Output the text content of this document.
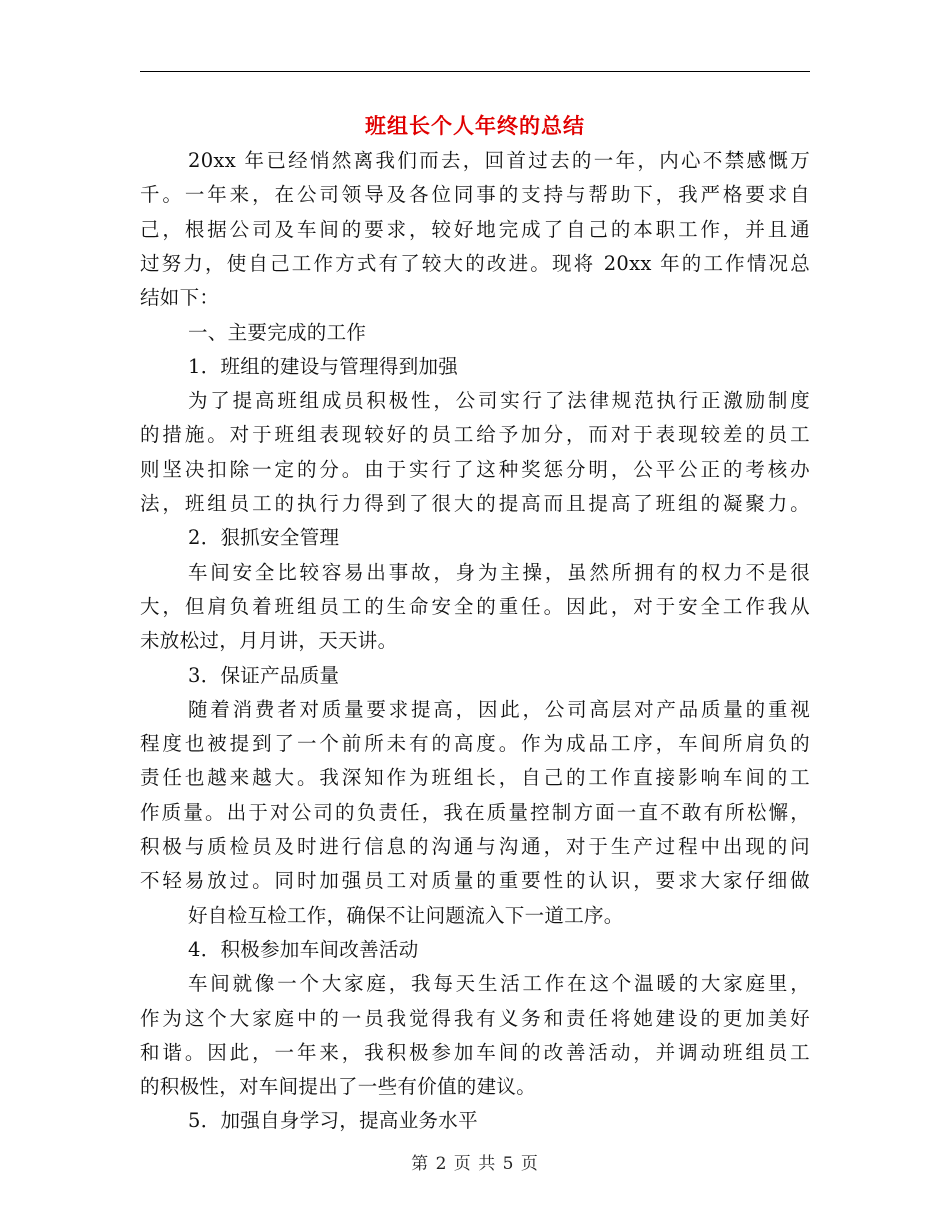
班组长个人年终的总结
20xx 年已经悄然离我们而去，回首过去的一年，内心不禁感慨万
千。一年来，在公司领导及各位同事的支持与帮助下，我严格要求自
己，根据公司及车间的要求，较好地完成了自己的本职工作，并且通
过努力，使自己工作方式有了较大的改进。现将 20xx 年的工作情况总
结如下：
一、主要完成的工作
1．班组的建设与管理得到加强
为了提高班组成员积极性，公司实行了法律规范执行正激励制度
的措施。对于班组表现较好的员工给予加分，而对于表现较差的员工
则坚决扣除一定的分。由于实行了这种奖惩分明，公平公正的考核办
法，班组员工的执行力得到了很大的提高而且提高了班组的凝聚力。
2．狠抓安全管理
车间安全比较容易出事故，身为主操，虽然所拥有的权力不是很
大，但肩负着班组员工的生命安全的重任。因此，对于安全工作我从
未放松过，月月讲，天天讲。
3．保证产品质量
随着消费者对质量要求提高，因此，公司高层对产品质量的重视
程度也被提到了一个前所未有的高度。作为成品工序，车间所肩负的
责任也越来越大。我深知作为班组长，自己的工作直接影响车间的工
作质量。出于对公司的负责任，我在质量控制方面一直不敢有所松懈，
积极与质检员及时进行信息的沟通与沟通，对于生产过程中出现的问
不轻易放过。同时加强员工对质量的重要性的认识，要求大家仔细做
好自检互检工作，确保不让问题流入下一道工序。
4．积极参加车间改善活动
车间就像一个大家庭，我每天生活工作在这个温暖的大家庭里，
作为这个大家庭中的一员我觉得我有义务和责任将她建设的更加美好
和谐。因此，一年来，我积极参加车间的改善活动，并调动班组员工
的积极性，对车间提出了一些有价值的建议。
5．加强自身学习，提高业务水平
第 2 页 共 5 页
